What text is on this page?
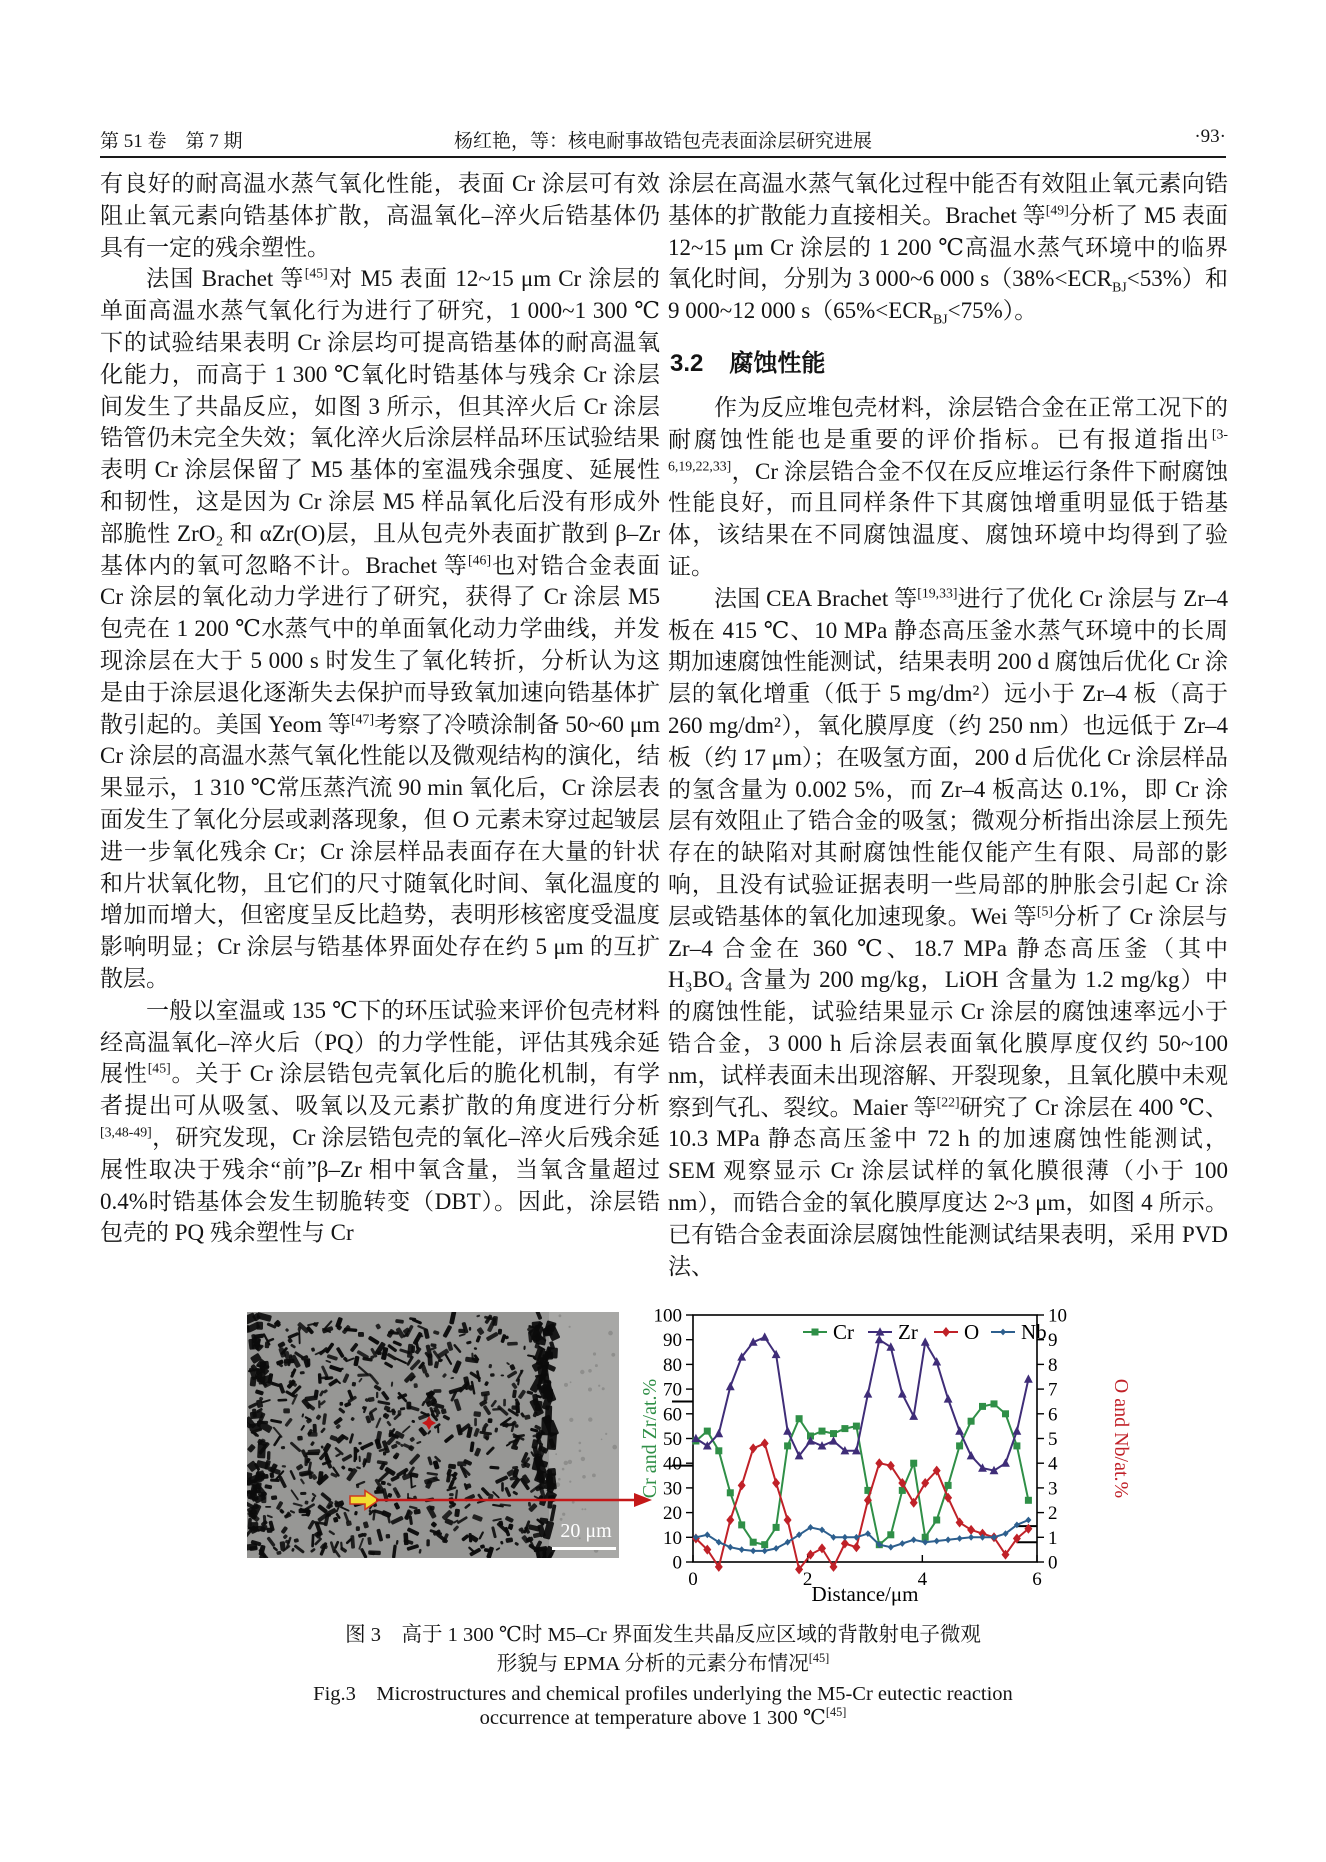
第 51 卷　第 7 期	杨红艳，等：核电耐事故锆包壳表面涂层研究进展	·93·

有良好的耐高温水蒸气氧化性能，表面 Cr 涂层可有效阻止氧元素向锆基体扩散，高温氧化–淬火后锆基体仍具有一定的残余塑性。

法国 Brachet 等[45]对 M5 表面 12~15 μm Cr 涂层的单面高温水蒸气氧化行为进行了研究，1 000~1 300 ℃下的试验结果表明 Cr 涂层均可提高锆基体的耐高温氧化能力，而高于 1 300 ℃氧化时锆基体与残余 Cr 涂层间发生了共晶反应，如图 3 所示，但其淬火后 Cr 涂层锆管仍未完全失效；氧化淬火后涂层样品环压试验结果表明 Cr 涂层保留了 M5 基体的室温残余强度、延展性和韧性，这是因为 Cr 涂层 M5 样品氧化后没有形成外部脆性 ZrO₂ 和 αZr(O)层，且从包壳外表面扩散到 β–Zr 基体内的氧可忽略不计。Brachet 等[46]也对锆合金表面 Cr 涂层的氧化动力学进行了研究，获得了 Cr 涂层 M5 包壳在 1 200 ℃水蒸气中的单面氧化动力学曲线，并发现涂层在大于 5 000 s 时发生了氧化转折，分析认为这是由于涂层退化逐渐失去保护而导致氧加速向锆基体扩散引起的。美国 Yeom 等[47]考察了冷喷涂制备 50~60 μm Cr 涂层的高温水蒸气氧化性能以及微观结构的演化，结果显示，1 310 ℃常压蒸汽流 90 min 氧化后，Cr 涂层表面发生了氧化分层或剥落现象，但 O 元素未穿过起皱层进一步氧化残余 Cr；Cr 涂层样品表面存在大量的针状和片状氧化物，且它们的尺寸随氧化时间、氧化温度的增加而增大，但密度呈反比趋势，表明形核密度受温度影响明显；Cr 涂层与锆基体界面处存在约 5 μm 的互扩散层。

一般以室温或 135 ℃下的环压试验来评价包壳材料经高温氧化–淬火后（PQ）的力学性能，评估其残余延展性[45]。关于 Cr 涂层锆包壳氧化后的脆化机制，有学者提出可从吸氢、吸氧以及元素扩散的角度进行分析[3,48-49]，研究发现，Cr 涂层锆包壳的氧化–淬火后残余延展性取决于残余“前”β–Zr 相中氧含量，当氧含量超过 0.4%时锆基体会发生韧脆转变（DBT）。因此，涂层锆包壳的 PQ 残余塑性与 Cr

涂层在高温水蒸气氧化过程中能否有效阻止氧元素向锆基体的扩散能力直接相关。Brachet 等[49]分析了 M5 表面 12~15 μm Cr 涂层的 1 200 ℃高温水蒸气环境中的临界氧化时间，分别为 3 000~6 000 $s(38\%<ECR_{BJ}<53\%)$和 9 000~12 000 $s(65\%<ECR_{BJ}<75\%)$。

3.2 腐蚀性能

作为反应堆包壳材料，涂层锆合金在正常工况下的耐腐蚀性能也是重要的评价指标。已有报道指出[3-6,19,22,33]，Cr 涂层锆合金不仅在反应堆运行条件下耐腐蚀性能良好，而且同样条件下其腐蚀增重明显低于锆基体，该结果在不同腐蚀温度、腐蚀环境中均得到了验证。

法国 CEA Brachet 等[19,33]进行了优化 Cr 涂层与 Zr–4 板在 415 ℃、10 MPa 静态高压釜水蒸气环境中的长周期加速腐蚀性能测试，结果表明 200 d 腐蚀后优化 Cr 涂层的氧化增重（低于 5 mg/dm²）远小于 Zr–4 板（高于 260 mg/dm²），氧化膜厚度（约 250 nm）也远低于 Zr–4 板（约 17 μm）；在吸氢方面，200 d 后优化 Cr 涂层样品的氢含量为 0.002 5%，而 Zr–4 板高达 0.1%，即 Cr 涂层有效阻止了锆合金的吸氢；微观分析指出涂层上预先存在的缺陷对其耐腐蚀性能仅能产生有限、局部的影响，且没有试验证据表明一些局部的肿胀会引起 Cr 涂层或锆基体的氧化加速现象。Wei 等[5]分析了 Cr 涂层与 Zr–4 合金在 360 ℃、18.7 MPa 静态高压釜（其中 H₃BO₄ 含量为 200 mg/kg，LiOH 含量为 1.2 mg/kg）中的腐蚀性能，试验结果显示 Cr 涂层的腐蚀速率远小于锆合金，3 000 h 后涂层表面氧化膜厚度仅约 50~100 nm，试样表面未出现溶解、开裂现象，且氧化膜中未观察到气孔、裂纹。Maier 等[22]研究了 Cr 涂层在 400 ℃、10.3 MPa 静态高压釜中 72 h 的加速腐蚀性能测试，SEM 观察显示 Cr 涂层试样的氧化膜很薄（小于 100 nm），而锆合金的氧化膜厚度达 2~3 μm，如图 4 所示。已有锆合金表面涂层腐蚀性能测试结果表明，采用 PVD 法、

20 μm
0
10
20
30
40
50
60
70
80
90
100
0
1
2
3
4
5
6
7
8
9
10
0	2	4	6
Cr Zr O Nb
Cr and Zr/at.%	O and Nb/at.%
Distance/μm
图 3　高于 1 300 ℃时 M5–Cr 界面发生共晶反应区域的背散射电子微观
形貌与 EPMA 分析的元素分布情况[45]
Fig.3　Microstructures and chemical profiles underlying the M5-Cr eutectic reaction
occurrence at temperature above 1 300 ℃[45]
